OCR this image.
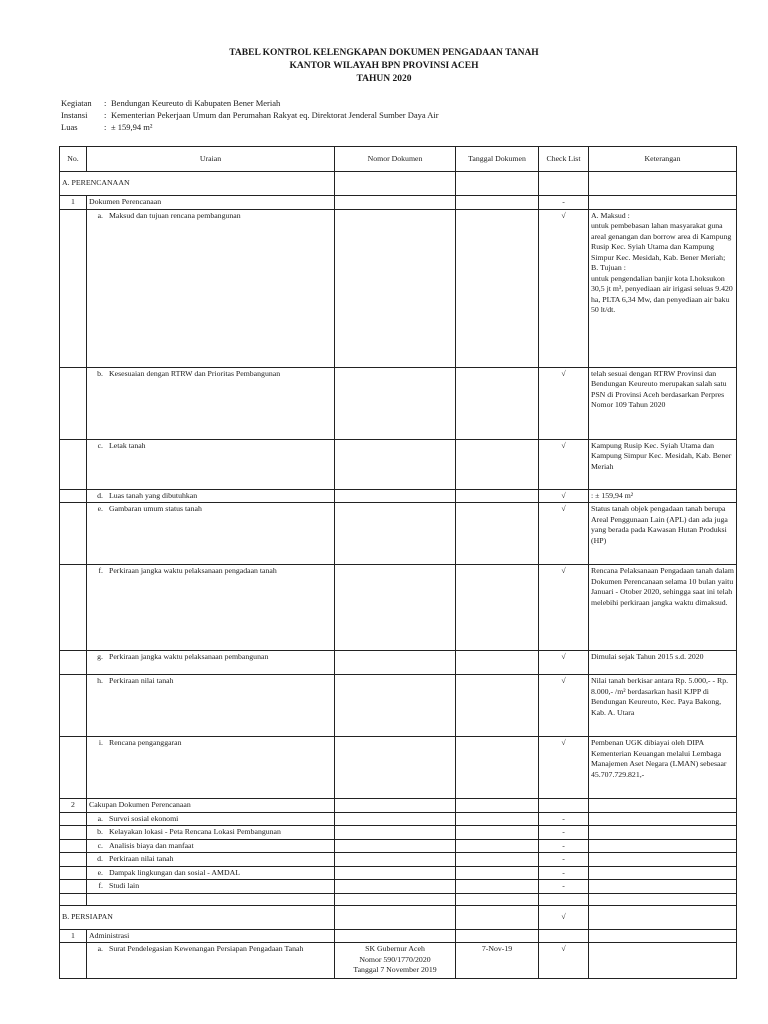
TABEL KONTROL KELENGKAPAN DOKUMEN PENGADAAN TANAH
KANTOR WILAYAH BPN PROVINSI ACEH
TAHUN 2020
Kegiatan	: Bendungan Keureuto di Kabupaten Bener Meriah
Instansi	: Kementerian Pekerjaan Umum dan Perumahan Rakyat eq. Direktorat Jenderal Sumber Daya Air
Luas	: ± 159,94 m²
No.	Uraian	Nomor Dokumen	Tanggal Dokumen	Check List	Keterangan
A. PERENCANAAN					
1	Dokumen Perencanaan			-	

	a. Maksud dan tujuan rencana pembangunan			√	A. Maksud :
untuk pembebasan lahan masyarakat guna areal genangan dan borrow area di Kampung Rusip Kec. Syiah Utama dan Kampung Simpur Kec. Mesidah, Kab. Bener Meriah;
B. Tujuan :
untuk pengendalian banjir kota Lhoksukon 30,5 jt m³, penyediaan air irigasi seluas 9.420 ha, PLTA 6,34 Mw, dan penyediaan air baku 50 lt/dt.

	b. Kesesuaian dengan RTRW dan Prioritas Pembangunan			√	telah sesuai dengan RTRW Provinsi dan Bendungan Keureuto merupakan salah satu PSN di Provinsi Aceh berdasarkan Perpres Nomor 109 Tahun 2020

	c. Letak tanah			√	Kampung Rusip Kec. Syiah Utama dan Kampung Simpur Kec. Mesidah, Kab. Bener Meriah

	d. Luas tanah yang dibutuhkan			√	: ± 159,94 m²

	e. Gambaran umum status tanah			√	Status tanah objek pengadaan tanah berupa Areal Penggunaan Lain (APL) dan ada juga yang berada pada Kawasan Hutan Produksi (HP)

	f. Perkiraan jangka waktu pelaksanaan pengadaan tanah			√	Rencana Pelaksanaan Pengadaan tanah dalam Dokumen Perencanaan selama 10 bulan yaitu Januari - Otober 2020, sehingga saat ini telah melebihi perkiraan jangka waktu dimaksud.

	g. Perkiraan jangka waktu pelaksanaan pembangunan			√	Dimulai sejak Tahun 2015 s.d. 2020

	h. Perkiraan nilai tanah			√	Nilai tanah berkisar antara Rp. 5.000,- - Rp. 8.000,- /m² berdasarkan hasil KJPP di Bendungan Keureuto, Kec. Paya Bakong, Kab. A. Utara

	i. Rencana penganggaran			√	Pembenan UGK dibiayai oleh DIPA Kementerian Keuangan melalui Lembaga Manajemen Aset Negara (LMAN) sebesaar 45.707.729.821,-
2	Cakupan Dokumen Perencanaan				

	a. Survei sosial ekonomi			-	

	b. Kelayakan lokasi - Peta Rencana Lokasi Pembangunan			-	

	c. Analisis biaya dan manfaat			-	

	d. Perkiraan nilai tanah			-	

	e. Dampak lingkungan dan sosial - AMDAL			-	

	f. Studi lain			-	

B. PERSIAPAN				√	
1	Administrasi				

	a. Surat Pendelegasian Kewenangan Persiapan Pengadaan Tanah	SK Gubernur Aceh
Nomor 590/1770/2020
Tanggal 7 November 2019	7-Nov-19	√	
